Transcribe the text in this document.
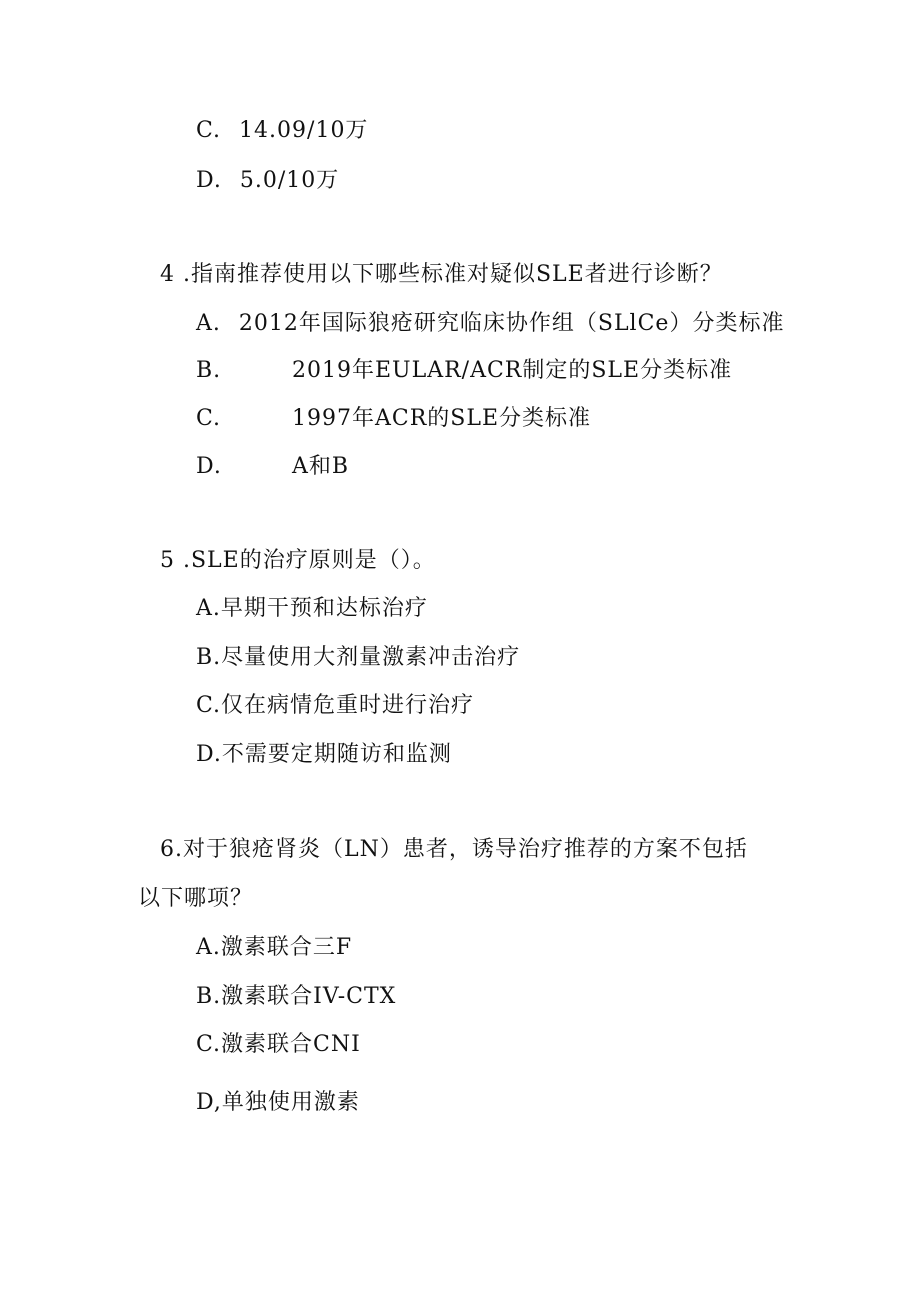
C. 14.09/10万
D. 5.0/10万
4 .指南推荐使用以下哪些标准对疑似SLE者进行诊断？
A. 2012年国际狼疮研究临床协作组（SLlCe）分类标准
B.	2019年EULAR/ACR制定的SLE分类标准
C.	1997年ACR的SLE分类标准
D.	A和B
5 .SLE的治疗原则是（）。
A.早期干预和达标治疗
B.尽量使用大剂量激素冲击治疗
C.仅在病情危重时进行治疗
D.不需要定期随访和监测
6.对于狼疮肾炎（LN）患者，诱导治疗推荐的方案不包括
以下哪项？
A.激素联合三F
B.激素联合IV-CTX
C.激素联合CNI
D,单独使用激素
